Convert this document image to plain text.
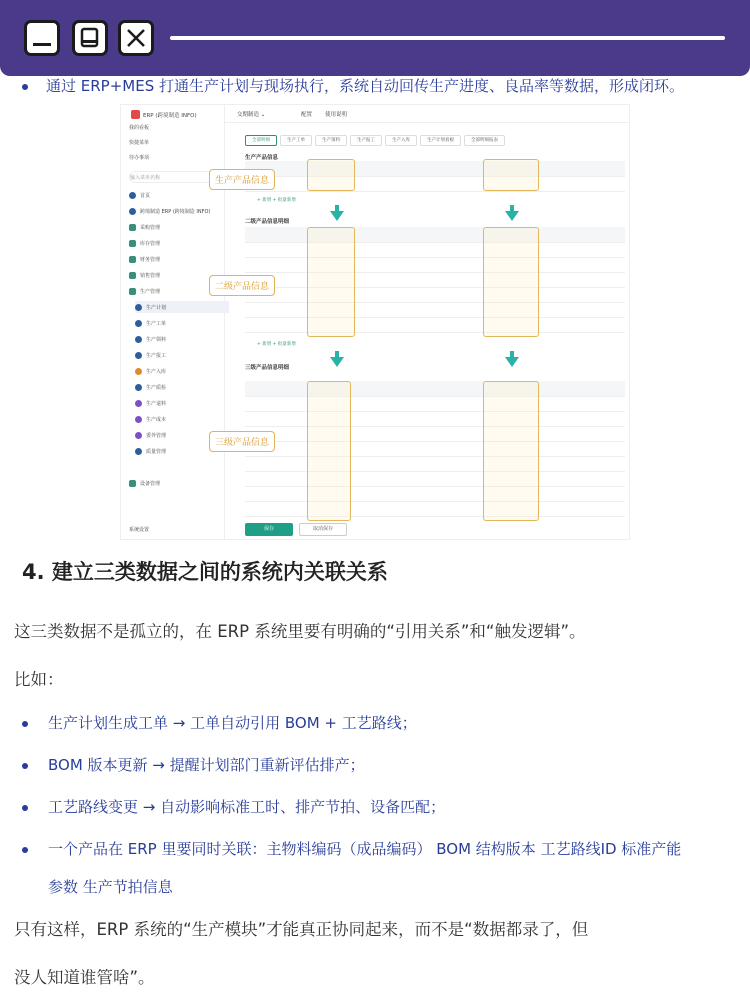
通过 ERP+MES 打通生产计划与现场执行，系统自动回传生产进度、良品率等数据，形成闭环。
ERP (跨境制造 INFO)
我的看板
快捷菜单
待办事项
输入菜单名称
首页
跨境制造 ERP (跨境制造 INFO)
采购管理
库存管理
财务管理
销售管理
生产管理
生产计划
生产工单
生产领料
生产报工
生产入库
生产质检
生产退料
生产成本
委外管理
质量管理
设备管理
系统设置
交期制造 ⌄	配置 使用说明
全部明细	生产工单	生产领料	生产报工	生产入库	生产计划看板	全部明细报表
生产产品信息

+ 新增 + 批量新增
二级产品信息明细

+ 新增 + 批量新增
三级产品信息明细

生产产品信息
二级产品信息
三级产品信息
保存	取消保存
4. 建立三类数据之间的系统内关联关系
这三类数据不是孤立的，在 ERP 系统里要有明确的“引用关系”和“触发逻辑”。
比如：
生产计划生成工单 → 工单自动引用 BOM + 工艺路线；
BOM 版本更新 → 提醒计划部门重新评估排产；
工艺路线变更 → 自动影响标准工时、排产节拍、设备匹配；
一个产品在 ERP 里要同时关联：主物料编码（成品编码） BOM 结构版本 工艺路线ID 标准产能
参数 生产节拍信息
只有这样，ERP 系统的“生产模块”才能真正协同起来，而不是“数据都录了，但
没人知道谁管啥”。
